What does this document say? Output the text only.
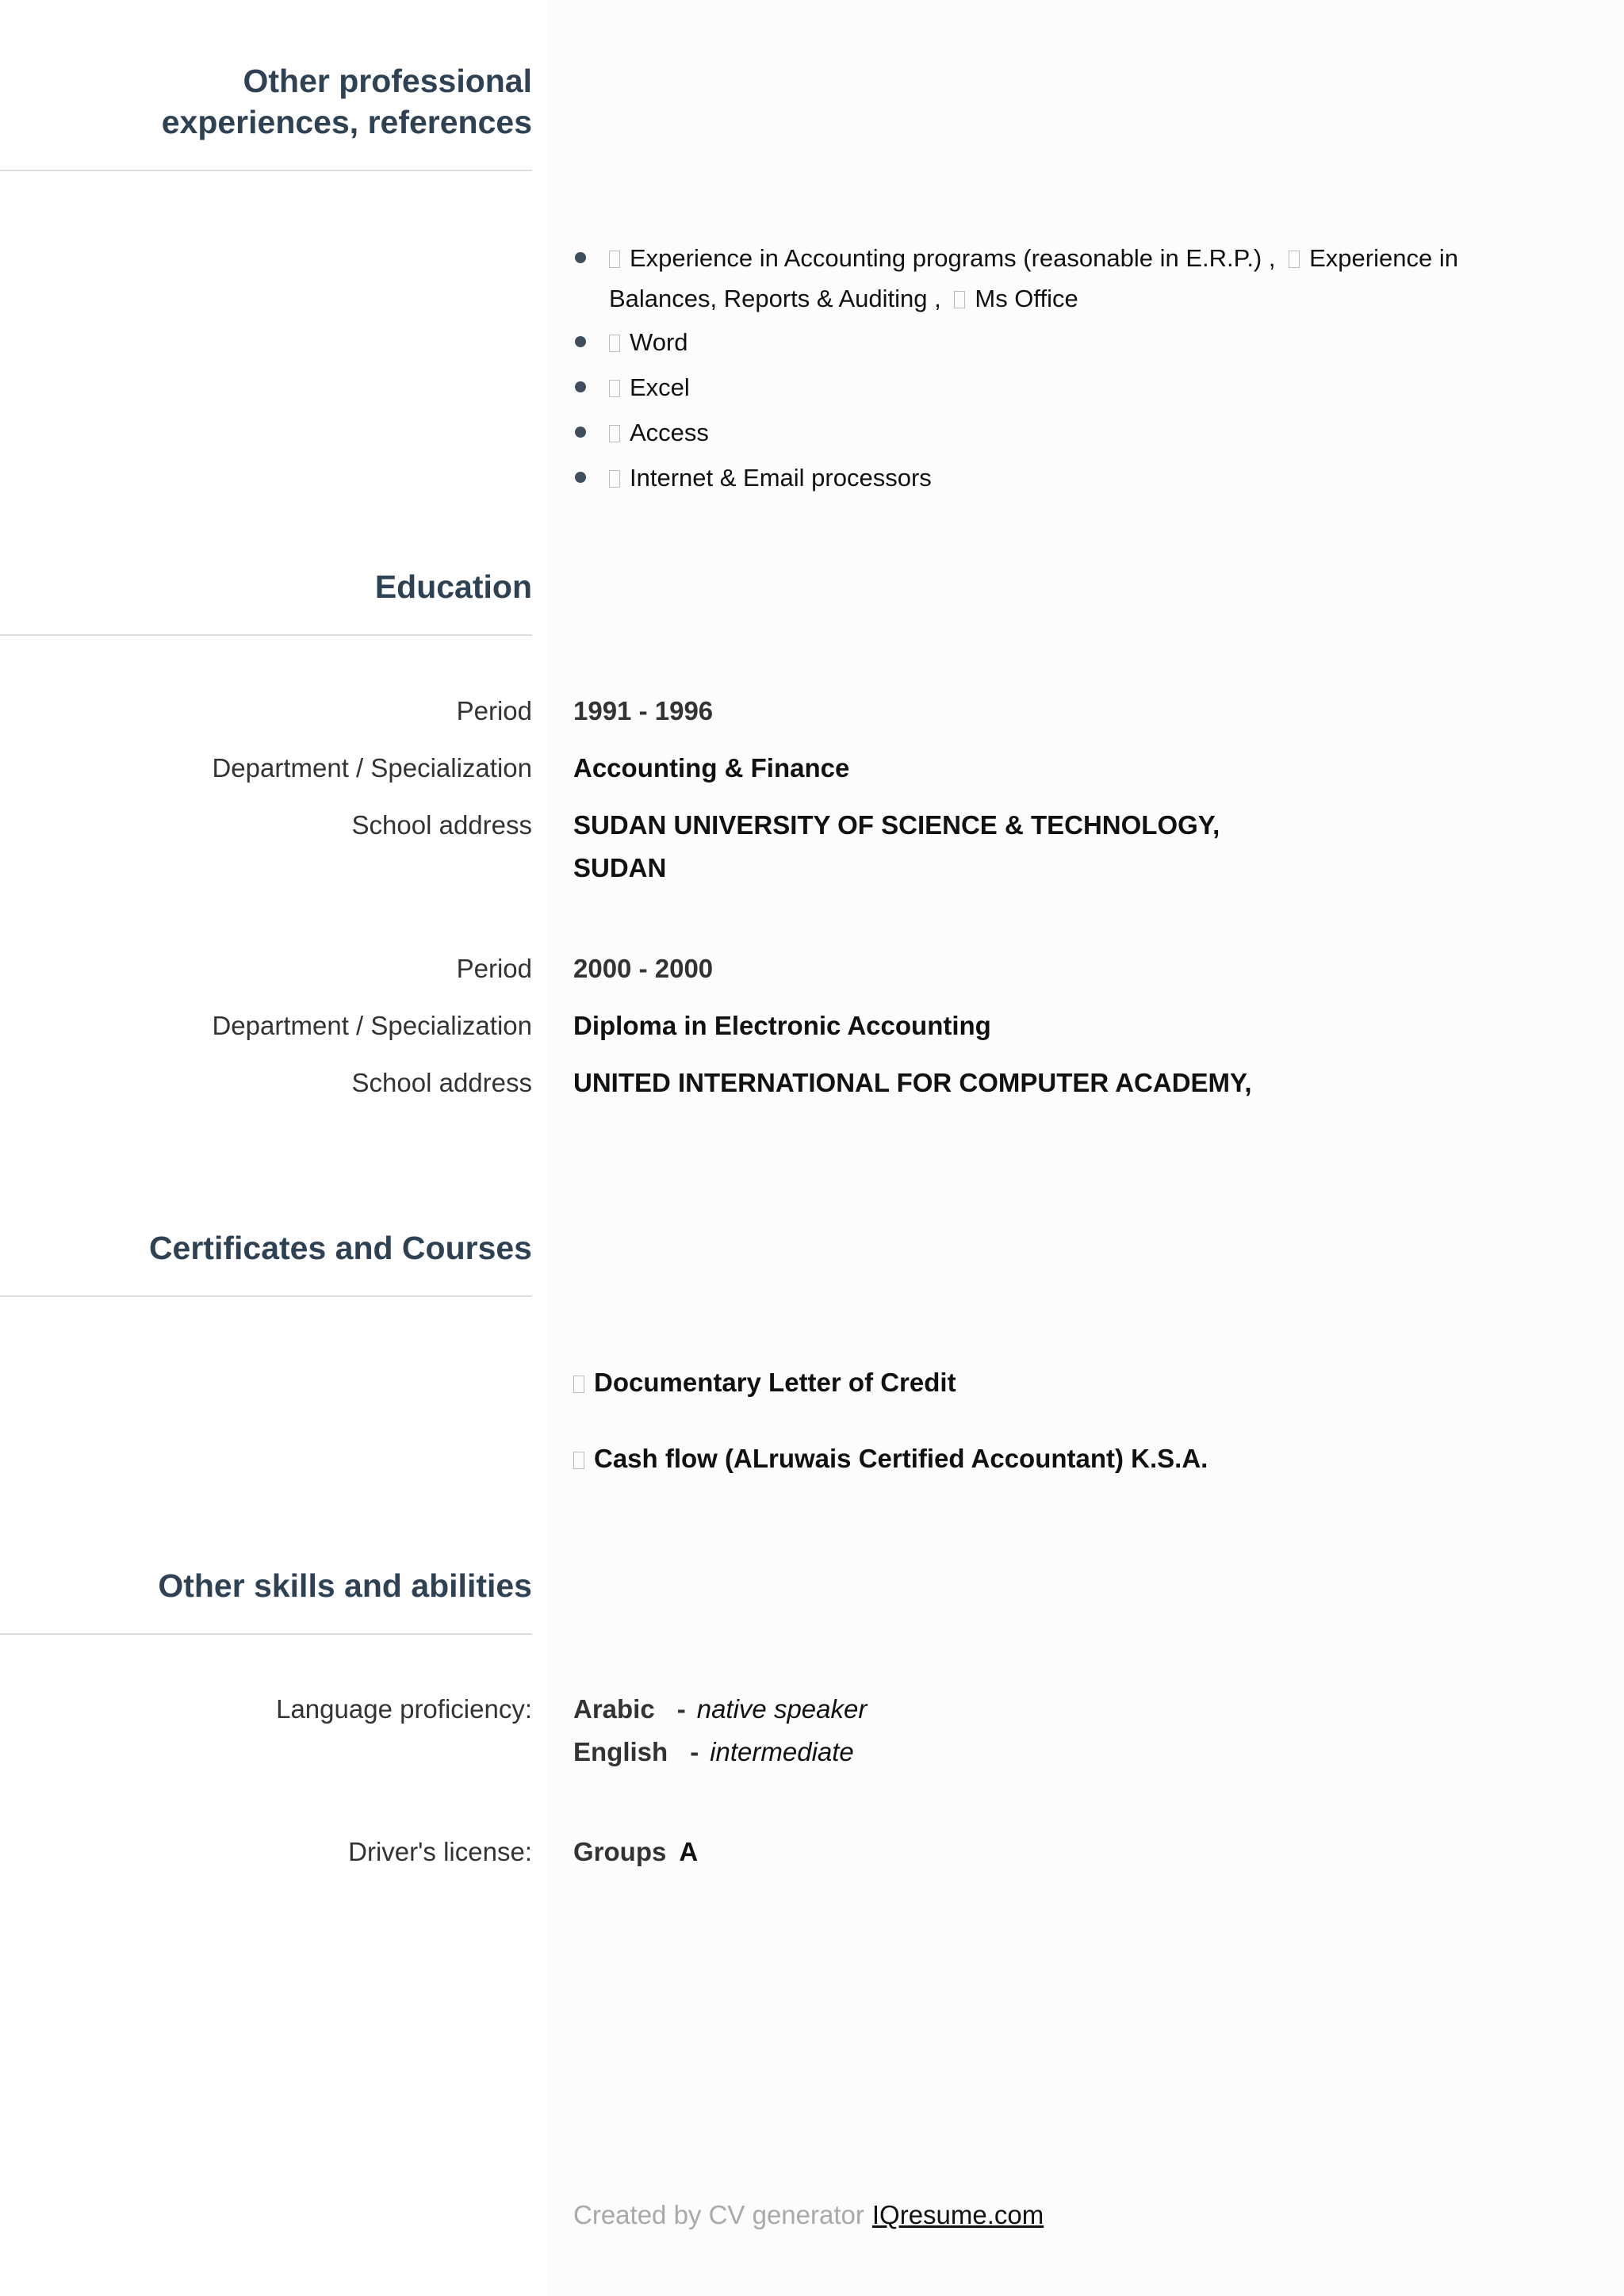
Other professional
experiences, references
Experience in Accounting programs (reasonable in E.R.P.) , Experience in Balances, Reports & Auditing , Ms Office
Word
Excel
Access
Internet & Email processors
Education
Period 1991 - 1996
Department / Specialization Accounting & Finance
School address SUDAN UNIVERSITY OF SCIENCE & TECHNOLOGY,
SUDAN
Period 2000 - 2000
Department / Specialization Diploma in Electronic Accounting
School address UNITED INTERNATIONAL FOR COMPUTER ACADEMY,
Certificates and Courses
Documentary Letter of Credit
Cash flow (ALruwais Certified Accountant) K.S.A.
Other skills and abilities
Language proficiency: Arabic - native speaker
English - intermediate
Driver's license: Groups A
Created by CV generator IQresume.com
